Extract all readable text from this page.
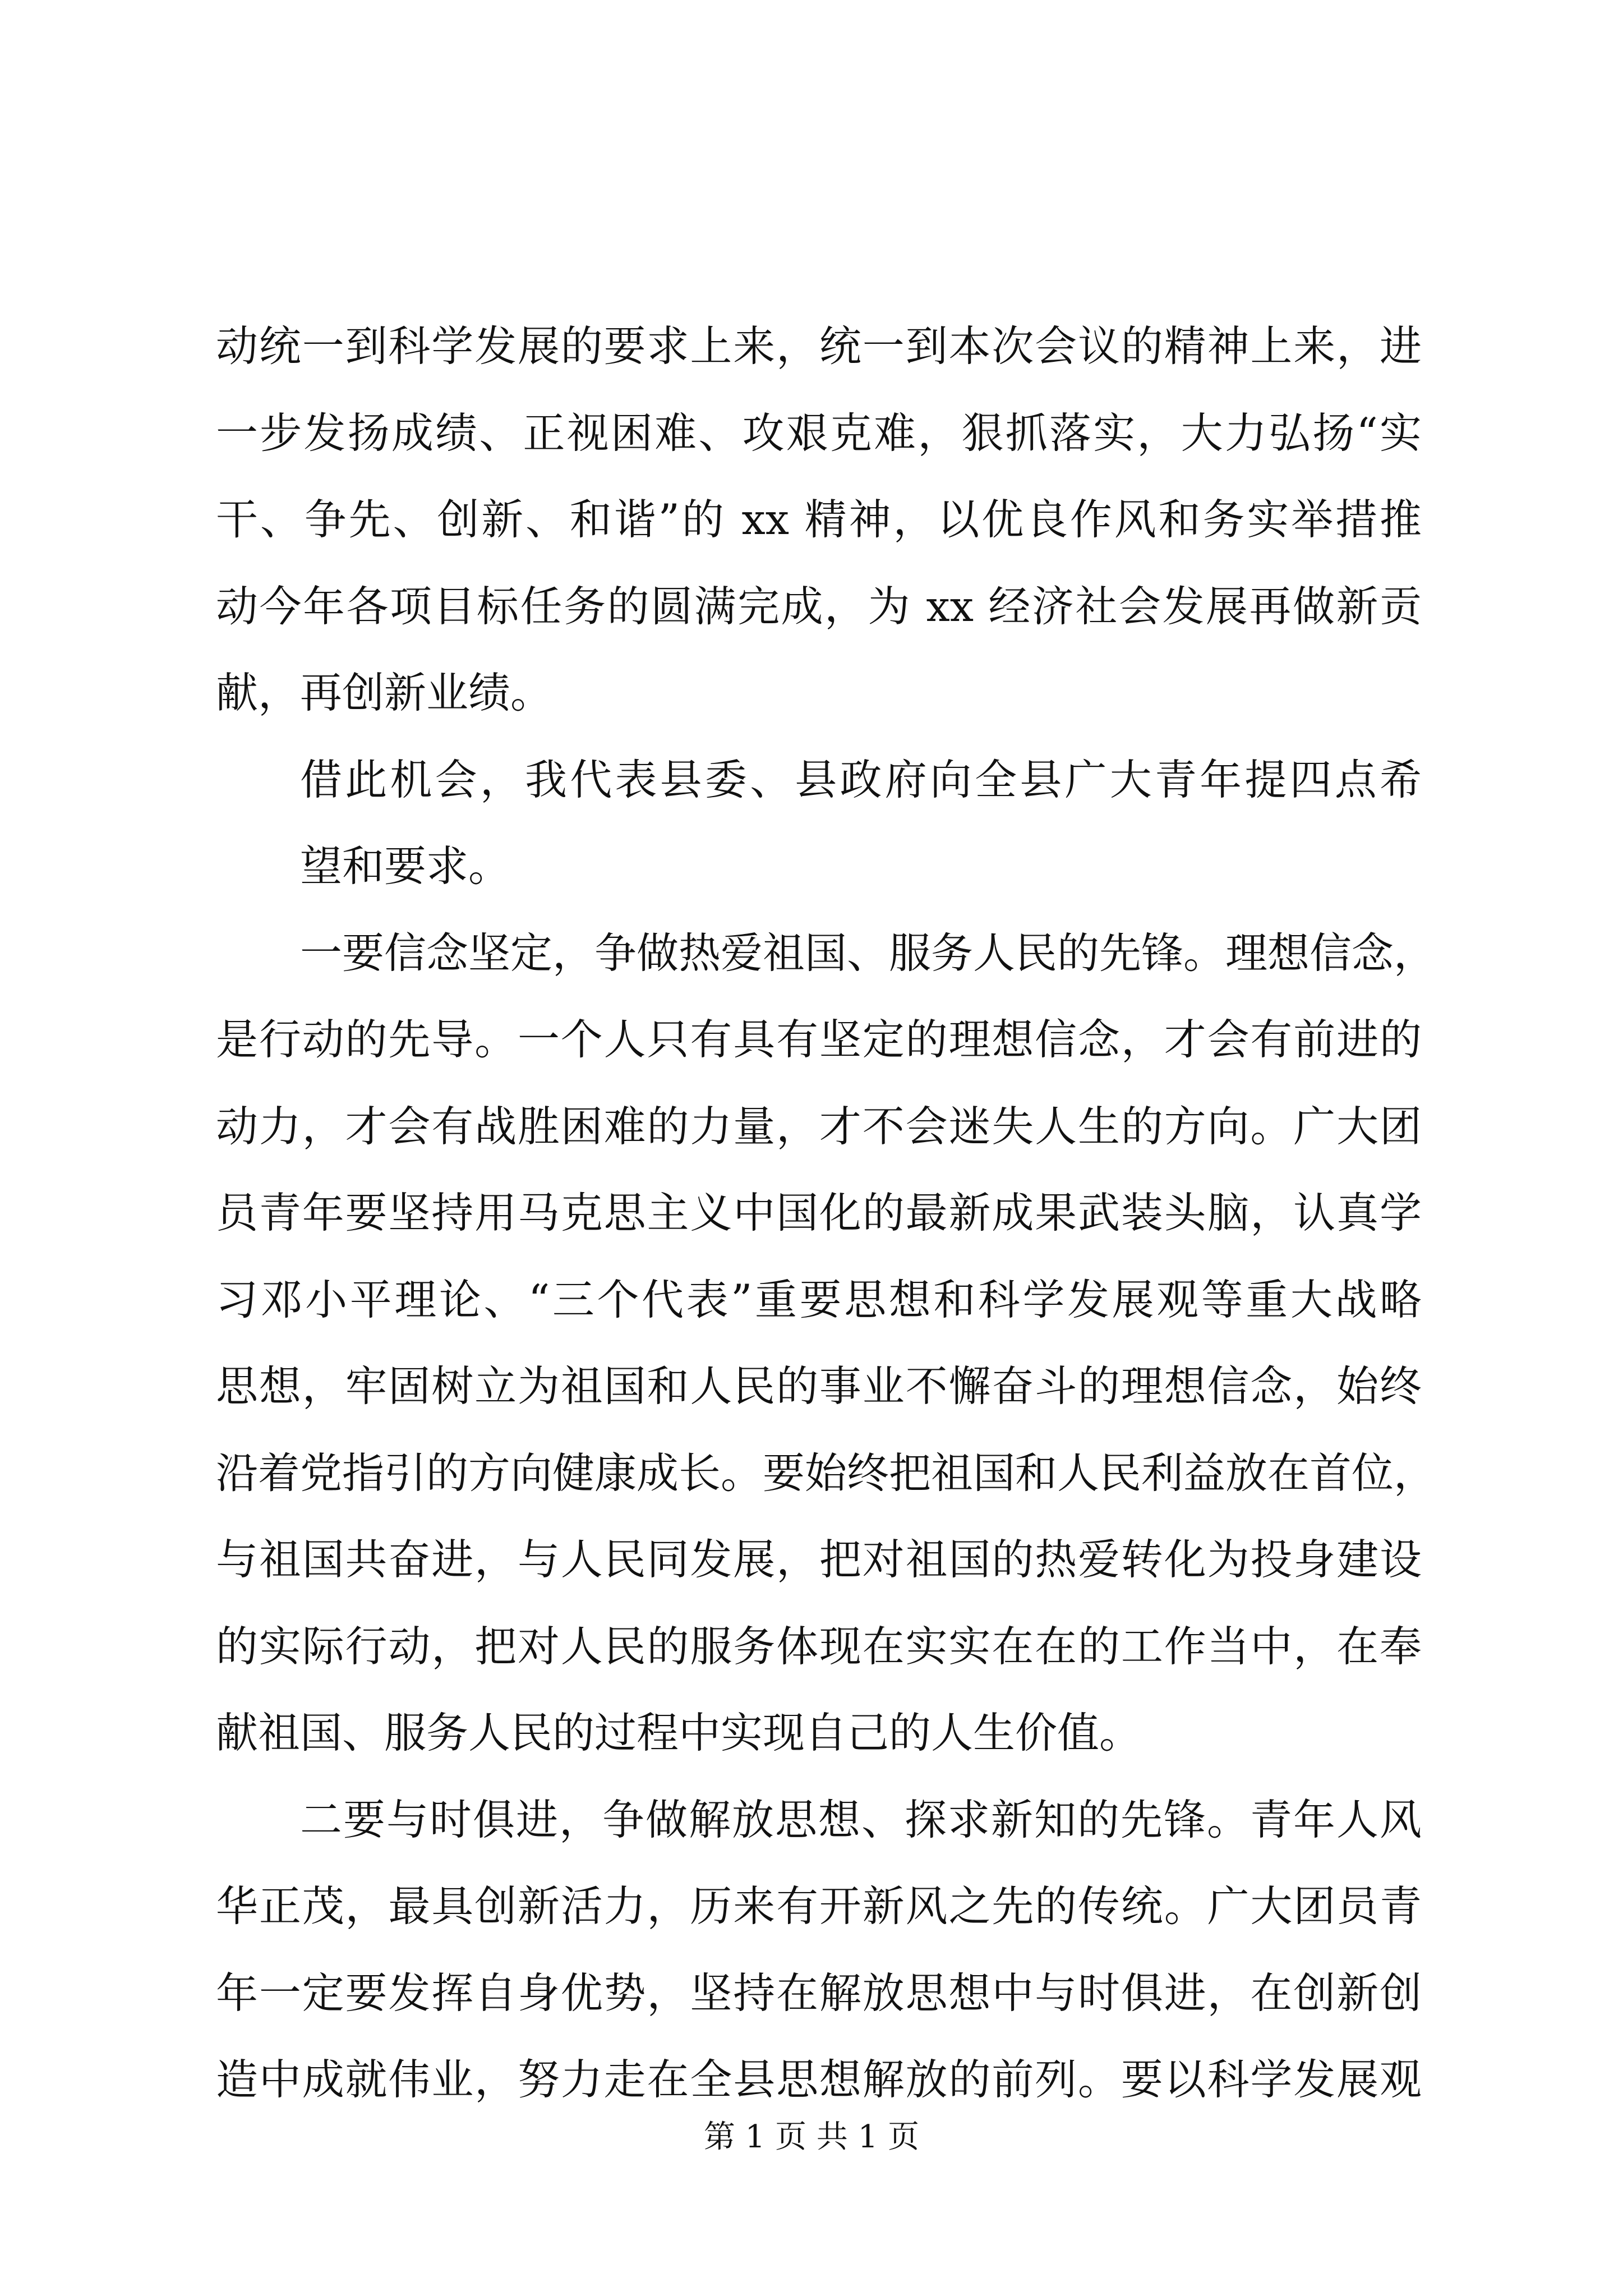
动统一到科学发展的要求上来，统一到本次会议的精神上来，进
一步发扬成绩、正视困难、攻艰克难，狠抓落实，大力弘扬“实
干、争先、创新、和谐”的 xx 精神，以优良作风和务实举措推
动今年各项目标任务的圆满完成，为 xx 经济社会发展再做新贡
献，再创新业绩。
借此机会，我代表县委、县政府向全县广大青年提四点希
望和要求。
一要信念坚定，争做热爱祖国、服务人民的先锋。理想信念，
是行动的先导。一个人只有具有坚定的理想信念，才会有前进的
动力，才会有战胜困难的力量，才不会迷失人生的方向。广大团
员青年要坚持用马克思主义中国化的最新成果武装头脑，认真学
习邓小平理论、“三个代表”重要思想和科学发展观等重大战略
思想，牢固树立为祖国和人民的事业不懈奋斗的理想信念，始终
沿着党指引的方向健康成长。要始终把祖国和人民利益放在首位，
与祖国共奋进，与人民同发展，把对祖国的热爱转化为投身建设
的实际行动，把对人民的服务体现在实实在在的工作当中，在奉
献祖国、服务人民的过程中实现自己的人生价值。
二要与时俱进，争做解放思想、探求新知的先锋。青年人风
华正茂，最具创新活力，历来有开新风之先的传统。广大团员青
年一定要发挥自身优势，坚持在解放思想中与时俱进，在创新创
造中成就伟业，努力走在全县思想解放的前列。要以科学发展观
第 1 页 共 1 页
